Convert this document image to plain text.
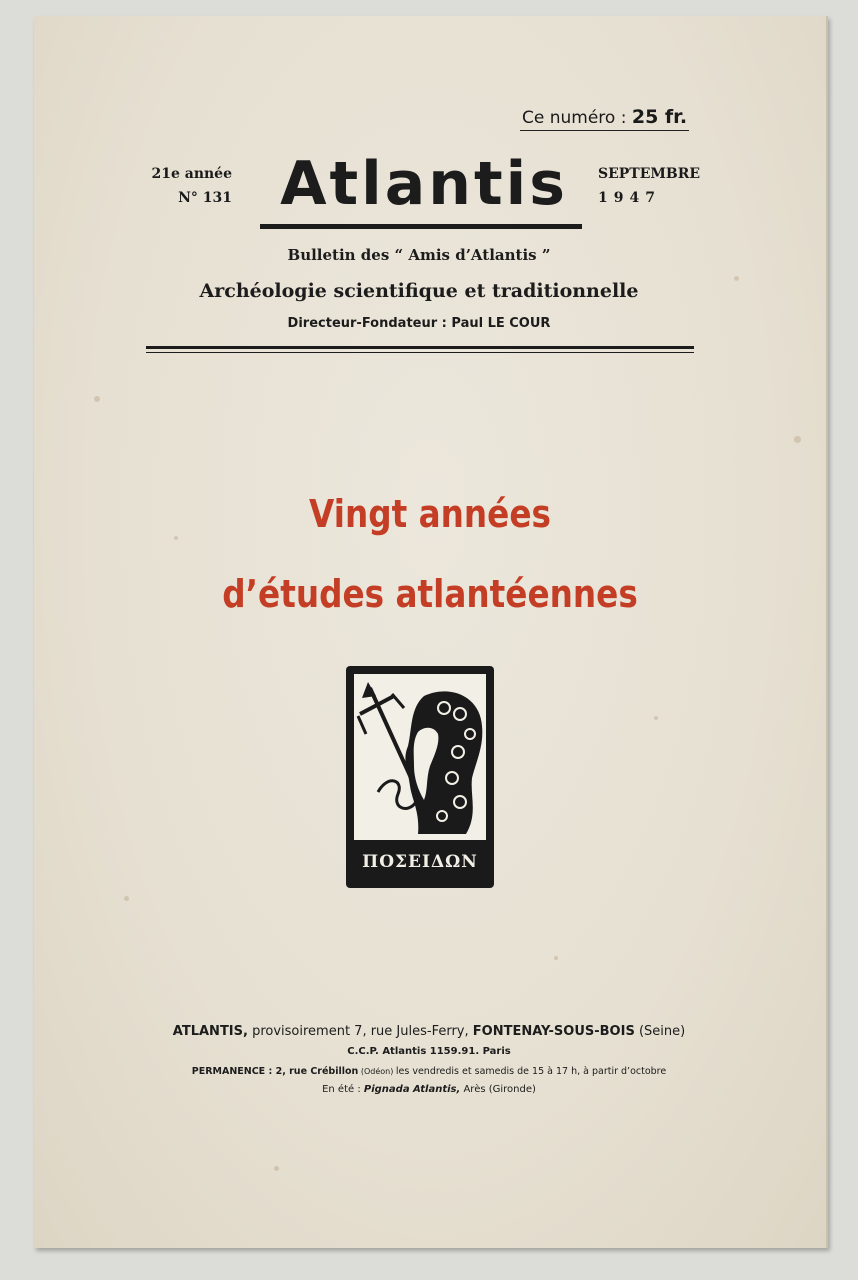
Ce numéro : 25 fr.
21e année
N° 131 Atlantis	SEPTEMBRE
1947
Bulletin des “ Amis d’Atlantis ”
Archéologie scientifique et traditionnelle
Directeur-Fondateur : Paul LE COUR
Vingt années
d’études atlantéennes
ΠΟΣΕΙΔΩΝ
ATLANTIS, provisoirement 7, rue Jules-Ferry, FONTENAY-SOUS-BOIS (Seine)
C.C.P. Atlantis 1159.91. Paris
PERMANENCE : 2, rue Crébillon (Odéon) les vendredis et samedis de 15 à 17 h, à partir d’octobre
En été : Pignada Atlantis, Arès (Gironde)
